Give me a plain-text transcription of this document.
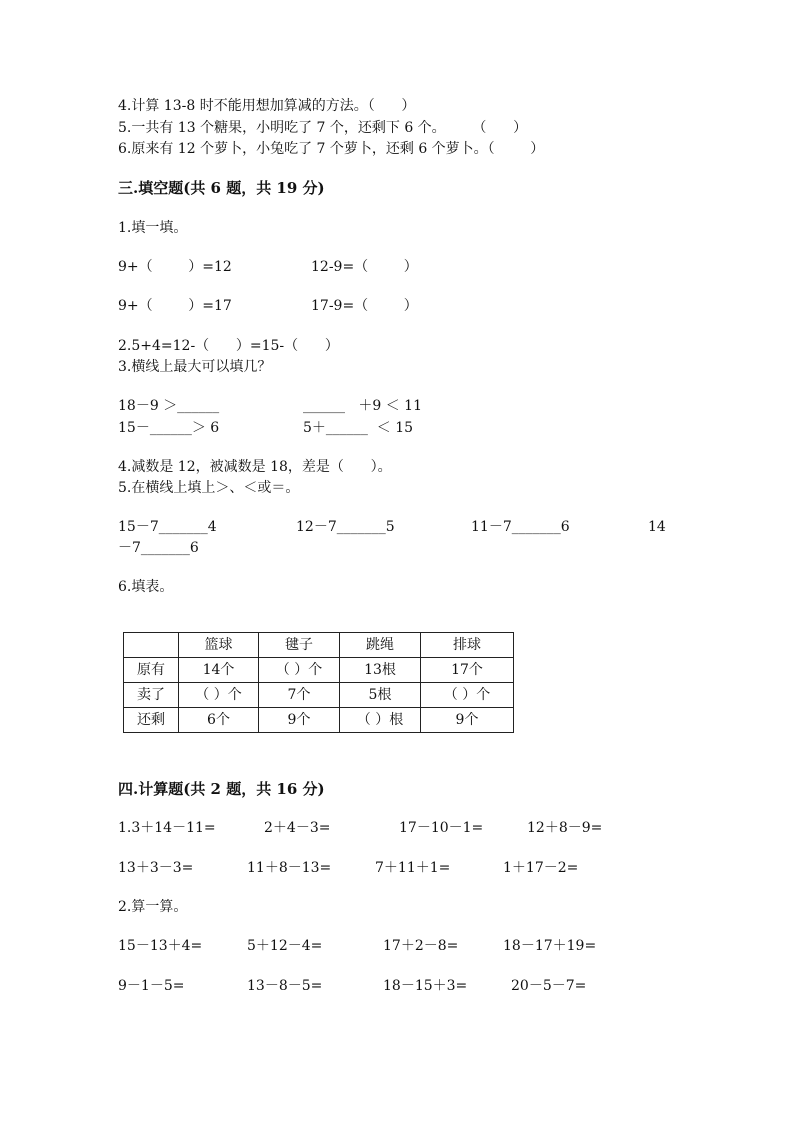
4.计算 13-8 时不能用想加算减的方法。（      ）
5.一共有 13 个糖果，小明吃了 7 个，还剩下 6 个。      （      ）
6.原来有 12 个萝卜，小兔吃了 7 个萝卜，还剩 6 个萝卜。（        ）
三.填空题(共 6 题，共 19 分)
1.填一填。
9+（        ）=12	12-9=（        ）
9+（        ）=17	17-9=（        ）
2.5+4=12-（      ）=15-（      ）
3.横线上最大可以填几？
18－9 ＞______	______   ＋9 ＜ 11
15－______＞ 6	5＋______  ＜ 15
4.减数是 12，被减数是 18，差是（      ）。
5.在横线上填上＞、＜或＝。
15－7_______4	12－7_______5	11－7_______6	14
－7_______6
6.填表。
	篮球	毽子	跳绳	排球
原有	14个	（ ）个	13根	17个
卖了	（ ）个	7个	5根	（ ）个
还剩	6个	9个	（ ）根	9个
四.计算题(共 2 题，共 16 分)
1.3＋14－11=	2＋4－3=	17－10－1=	12＋8－9=
13＋3－3=	11＋8－13=	7＋11＋1=	1＋17－2=
2.算一算。
15－13＋4=	5＋12－4=	17＋2－8=	18－17＋19=
9－1－5=	13－8－5=	18－15＋3=	20－5－7=
